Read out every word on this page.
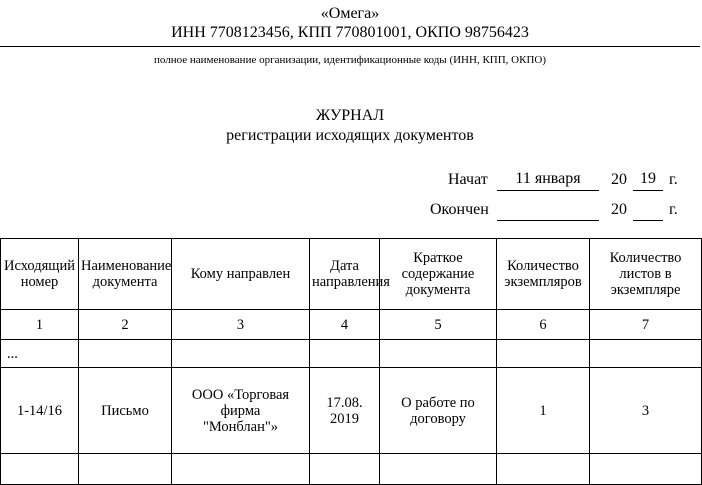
«Омега»
ИНН 7708123456, КПП 770801001, ОКПО 98756423
полное наименование организации, идентификационные коды (ИНН, КПП, ОКПО)
ЖУРНАЛ
регистрации исходящих документов
Начат	11 января	20 19 г.
Окончен	20	г.
Исходящий номер	Наименование документа	Кому направлен	Дата направления	Краткое содержание документа	Количество экземпляров	Количество листов в экземпляре
1	2	3	4	5	6	7
...						
1-14/16	Письмо	ООО «Торговая фирма "Монблан"»	17.08. 2019	О работе по договору	1	3
